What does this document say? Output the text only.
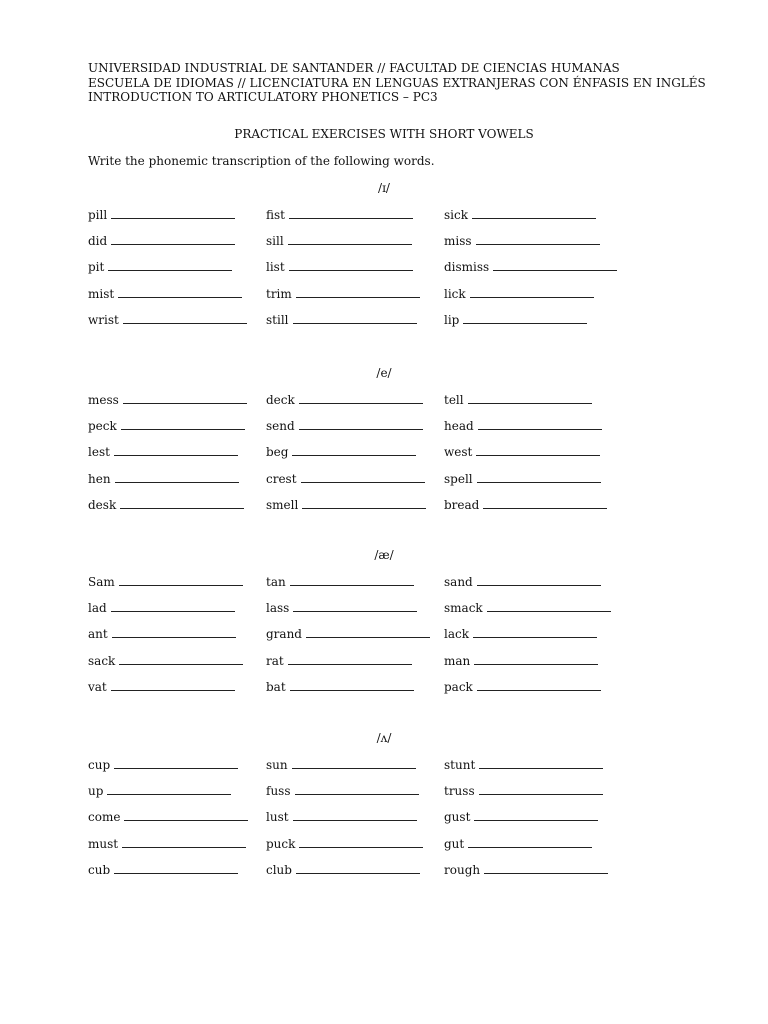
UNIVERSIDAD INDUSTRIAL DE SANTANDER // FACULTAD DE CIENCIAS HUMANAS
ESCUELA DE IDIOMAS // LICENCIATURA EN LENGUAS EXTRANJERAS CON ÉNFASIS EN INGLÉS
INTRODUCTION TO ARTICULATORY PHONETICS – PC3
PRACTICAL EXERCISES WITH SHORT VOWELS
Write the phonemic transcription of the following words.
/ɪ/
pill	fist	sick
did	sill	miss
pit	list	dismiss
mist	trim	lick
wrist	still	lip
/e/
mess	deck	tell
peck	send	head
lest	beg	west
hen	crest	spell
desk	smell	bread
/æ/
Sam	tan	sand
lad	lass	smack
ant	grand	lack
sack	rat	man
vat	bat	pack
/ʌ/
cup	sun	stunt
up	fuss	truss
come	lust	gust
must	puck	gut
cub	club	rough
